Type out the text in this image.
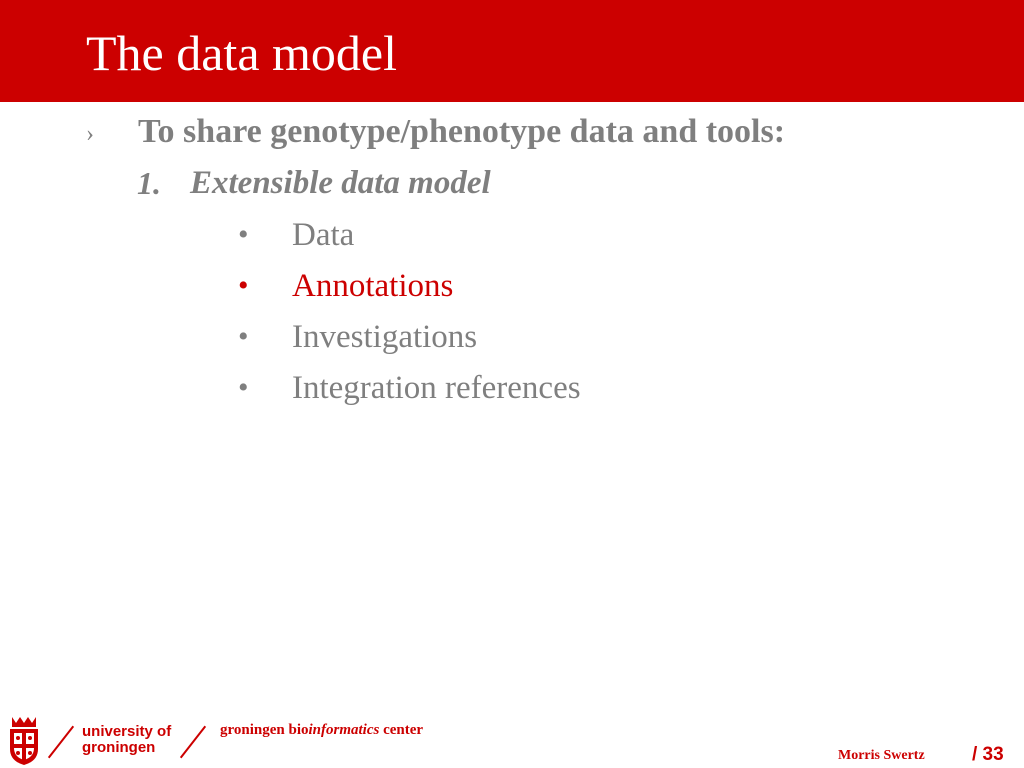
The data model
› To share genotype/phenotype data and tools:
1. Extensible data model
• Data
• Annotations
• Investigations
• Integration references
university of
groningen
groningen bioinformatics center
Morris Swertz / 33
